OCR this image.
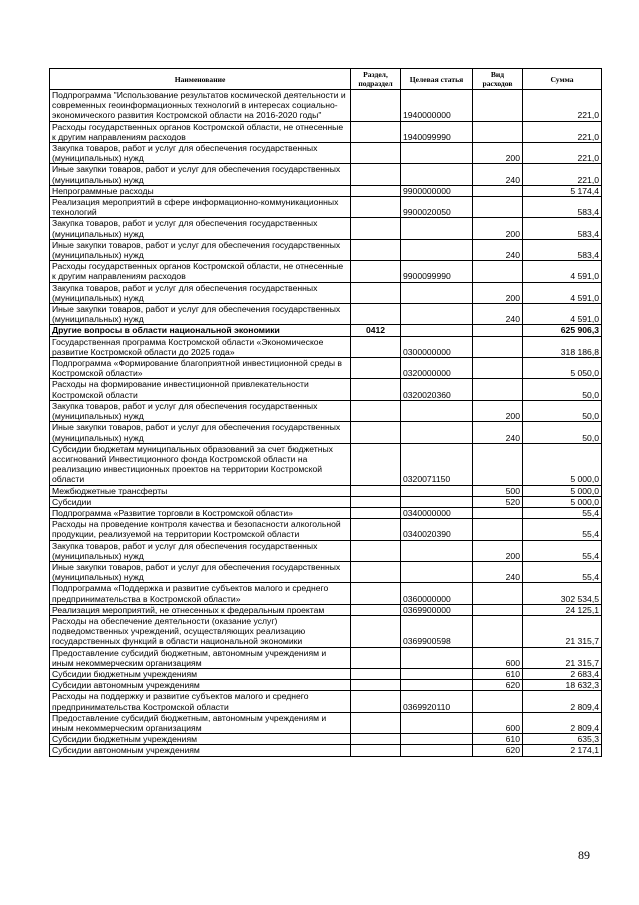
Наименование	Раздел, подраздел	Целевая статья	Вид расходов	Сумма
Подпрограмма "Использование результатов космической деятельности и современных геоинформационных технологий в интересах социально-экономического развития Костромской области на 2016-2020 годы"		1940000000		221,0
Расходы государственных органов Костромской области, не отнесенные к другим направлениям расходов		1940099990		221,0
Закупка товаров, работ и услуг для обеспечения государственных (муниципальных) нужд			200	221,0
Иные закупки товаров, работ и услуг для обеспечения государственных (муниципальных) нужд			240	221,0
Непрограммные расходы		9900000000		5 174,4
Реализация мероприятий в сфере информационно-коммуникационных технологий		9900020050		583,4
Закупка товаров, работ и услуг для обеспечения государственных (муниципальных) нужд			200	583,4
Иные закупки товаров, работ и услуг для обеспечения государственных (муниципальных) нужд			240	583,4
Расходы государственных органов Костромской области, не отнесенные к другим направлениям расходов		9900099990		4 591,0
Закупка товаров, работ и услуг для обеспечения государственных (муниципальных) нужд			200	4 591,0
Иные закупки товаров, работ и услуг для обеспечения государственных (муниципальных) нужд			240	4 591,0
Другие вопросы в области национальной экономики	0412			625 906,3
Государственная программа Костромской области «Экономическое развитие Костромской области до 2025 года»		0300000000		318 186,8
Подпрограмма «Формирование благоприятной инвестиционной среды в Костромской области»		0320000000		5 050,0
Расходы на формирование инвестиционной привлекательности Костромской области		0320020360		50,0
Закупка товаров, работ и услуг для обеспечения государственных (муниципальных) нужд			200	50,0
Иные закупки товаров, работ и услуг для обеспечения государственных (муниципальных) нужд			240	50,0
Субсидии бюджетам муниципальных образований за счет бюджетных ассигнований Инвестиционного фонда Костромской области на реализацию инвестиционных проектов на территории Костромской области		0320071150		5 000,0
Межбюджетные трансферты			500	5 000,0
Субсидии			520	5 000,0
Подпрограмма «Развитие торговли в Костромской области»		0340000000		55,4
Расходы на проведение контроля качества и безопасности алкогольной продукции, реализуемой на территории Костромской области		0340020390		55,4
Закупка товаров, работ и услуг для обеспечения государственных (муниципальных) нужд			200	55,4
Иные закупки товаров, работ и услуг для обеспечения государственных (муниципальных) нужд			240	55,4
Подпрограмма «Поддержка и развитие субъектов малого и среднего предпринимательства в Костромской области»		0360000000		302 534,5
Реализация мероприятий, не отнесенных к федеральным проектам		0369900000		24 125,1
Расходы на обеспечение деятельности (оказание услуг) подведомственных учреждений, осуществляющих реализацию государственных функций в области национальной экономики		0369900598		21 315,7
Предоставление субсидий бюджетным, автономным учреждениям и иным некоммерческим организациям			600	21 315,7
Субсидии бюджетным учреждениям			610	2 683,4
Субсидии автономным учреждениям			620	18 632,3
Расходы на поддержку и развитие субъектов малого и среднего предпринимательства Костромской области		0369920110		2 809,4
Предоставление субсидий бюджетным, автономным учреждениям и иным некоммерческим организациям			600	2 809,4
Субсидии бюджетным учреждениям			610	635,3
Субсидии автономным учреждениям			620	2 174,1
89
